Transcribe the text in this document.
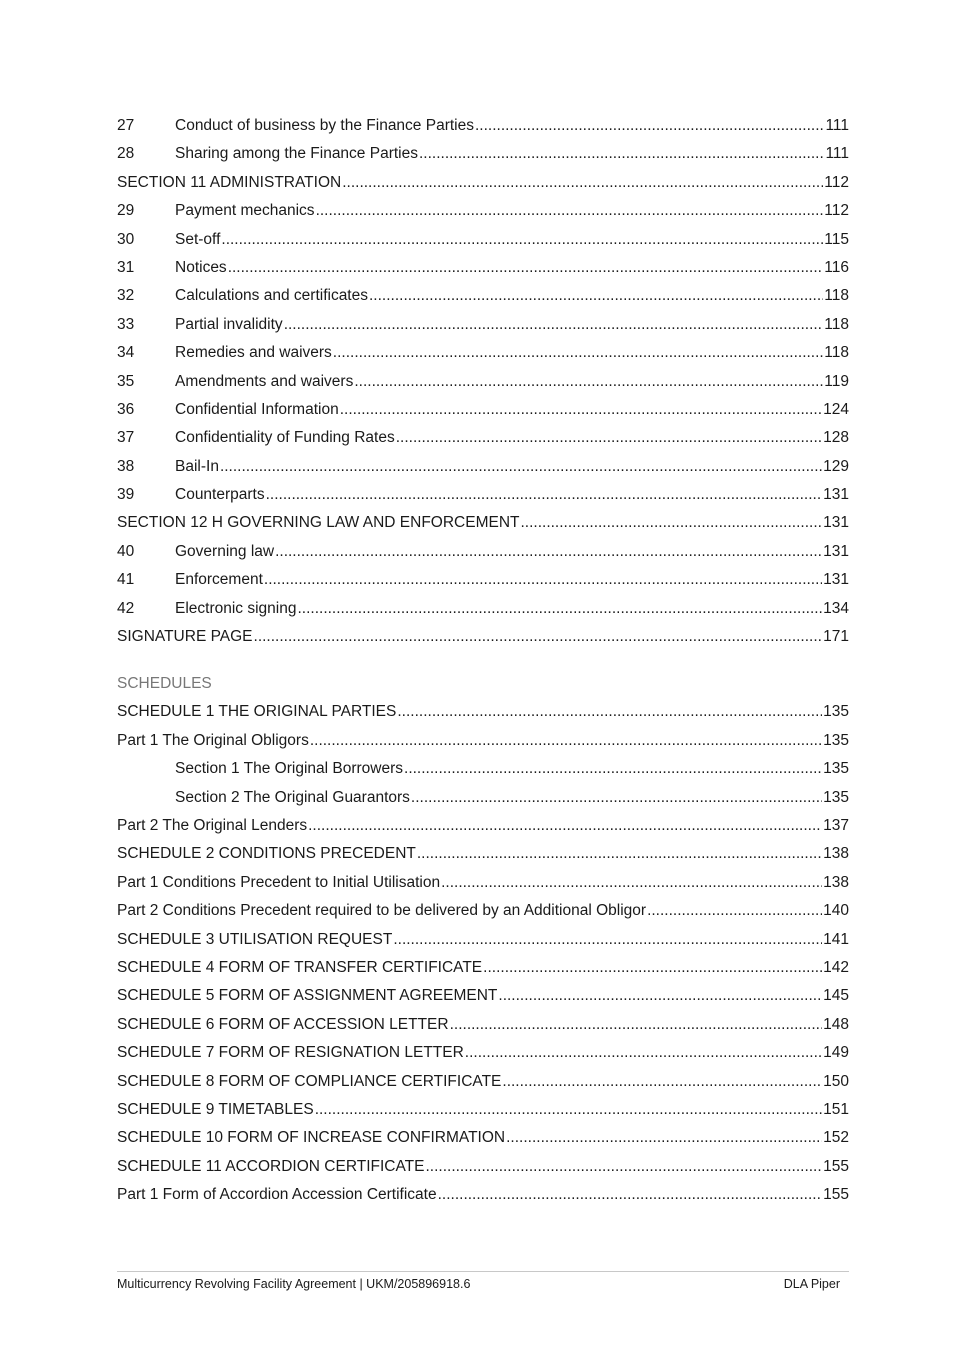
27	Conduct of business by the Finance Parties .....	111
28	Sharing among the Finance Parties .....	111
SECTION 11 ADMINISTRATION .....	112
29	Payment mechanics .....	112
30	Set-off .....	115
31	Notices .....	116
32	Calculations and certificates .....	118
33	Partial invalidity .....	118
34	Remedies and waivers .....	118
35	Amendments and waivers .....	119
36	Confidential Information .....	124
37	Confidentiality of Funding Rates .....	128
38	Bail-In .....	129
39	Counterparts .....	131
SECTION 12 H GOVERNING LAW AND ENFORCEMENT .....	131
40	Governing law .....	131
41	Enforcement .....	131
42	Electronic signing .....	134
SIGNATURE PAGE .....	171
SCHEDULES
SCHEDULE 1 THE ORIGINAL PARTIES .....	135
Part 1 The Original Obligors .....	135
Section 1 The Original Borrowers .....	135
Section 2 The Original Guarantors .....	135
Part 2 The Original Lenders .....	137
SCHEDULE 2 CONDITIONS PRECEDENT .....	138
Part 1 Conditions Precedent to Initial Utilisation .....	138
Part 2 Conditions Precedent required to be delivered by an Additional Obligor .....	140
SCHEDULE 3 UTILISATION REQUEST .....	141
SCHEDULE 4 FORM OF TRANSFER CERTIFICATE .....	142
SCHEDULE 5 FORM OF ASSIGNMENT AGREEMENT .....	145
SCHEDULE 6 FORM OF ACCESSION LETTER .....	148
SCHEDULE 7 FORM OF RESIGNATION LETTER .....	149
SCHEDULE 8 FORM OF COMPLIANCE CERTIFICATE .....	150
SCHEDULE 9 TIMETABLES .....	151
SCHEDULE 10 FORM OF INCREASE CONFIRMATION .....	152
SCHEDULE 11 ACCORDION CERTIFICATE .....	155
Part 1 Form of Accordion Accession Certificate .....	155
Multicurrency Revolving Facility Agreement | UKM/205896918.6	DLA Piper
